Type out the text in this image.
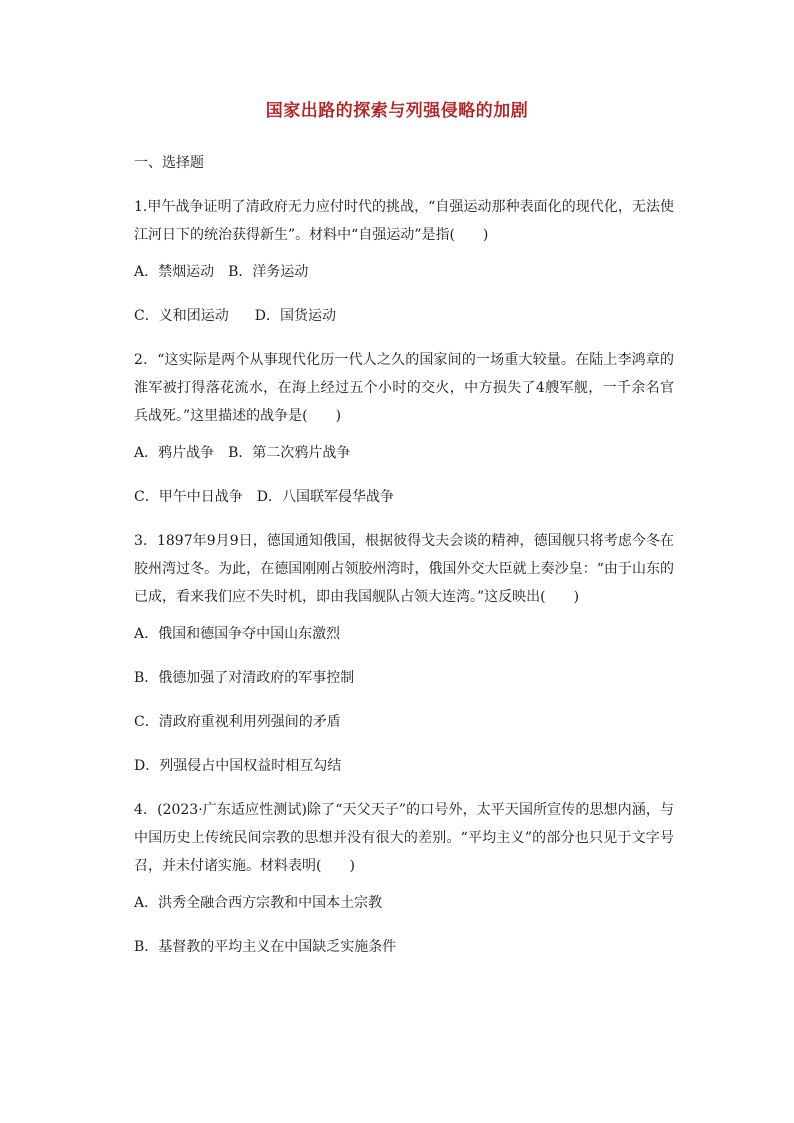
国家出路的探索与列强侵略的加剧
一、选择题

1.甲午战争证明了清政府无力应付时代的挑战，“自强运动那种表面化的现代化，无法使江河日下的统治获得新生”。材料中“自强运动”是指(　　)

A．禁烟运动 B．洋务运动
C．义和团运动 D．国货运动

2．“这实际是两个从事现代化历一代人之久的国家间的一场重大较量。在陆上李鸿章的淮军被打得落花流水，在海上经过五个小时的交火，中方损失了4艘军舰，一千余名官兵战死。”这里描述的战争是(　　)

A．鸦片战争 B．第二次鸦片战争
C．甲午中日战争 D．八国联军侵华战争

3．1897年9月9日，德国通知俄国，根据彼得戈夫会谈的精神，德国舰只将考虑今冬在胶州湾过冬。为此，在德国刚刚占领胶州湾时，俄国外交大臣就上奏沙皇：“由于山东的已成，看来我们应不失时机，即由我国舰队占领大连湾。”这反映出(　　)

A．俄国和德国争夺中国山东激烈
B．俄德加强了对清政府的军事控制
C．清政府重视利用列强间的矛盾
D．列强侵占中国权益时相互勾结

4．(2023·广东适应性测试)除了“天父天子”的口号外，太平天国所宣传的思想内涵，与中国历史上传统民间宗教的思想并没有很大的差别。“平均主义”的部分也只见于文字号召，并未付诸实施。材料表明(　　)

A．洪秀全融合西方宗教和中国本土宗教
B．基督教的平均主义在中国缺乏实施条件
